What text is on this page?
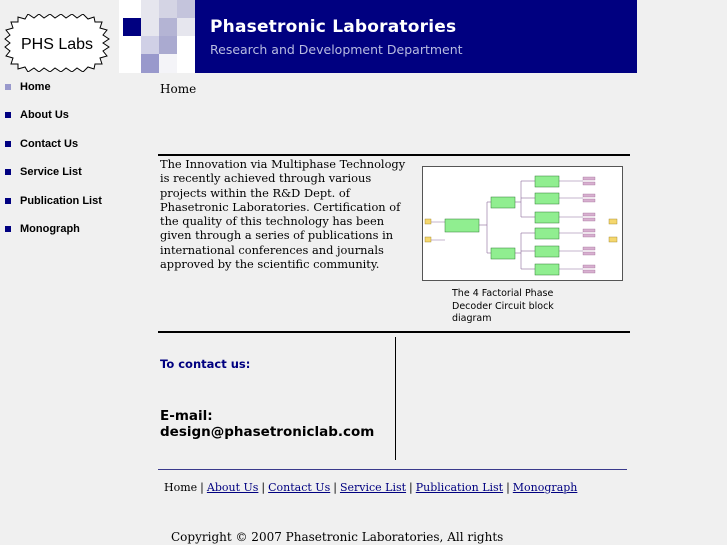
PHS Labs
Phasetronic Laboratories
Research and Development Department
Home
About Us
Contact Us
Service List
Publication List
Monograph
Home
The Innovation via Multiphase Technology is recently achieved through various projects within the R&D Dept. of Phasetronic Laboratories. Certification of the quality of this technology has been given through a series of publications in international conferences and journals approved by the scientific community.
The 4 Factorial Phase Decoder Circuit block diagram
To contact us:
E-mail:
design@phasetroniclab.com
Home | About Us | Contact Us | Service List | Publication List | Monograph
Copyright © 2007 Phasetronic Laboratories, All rights
